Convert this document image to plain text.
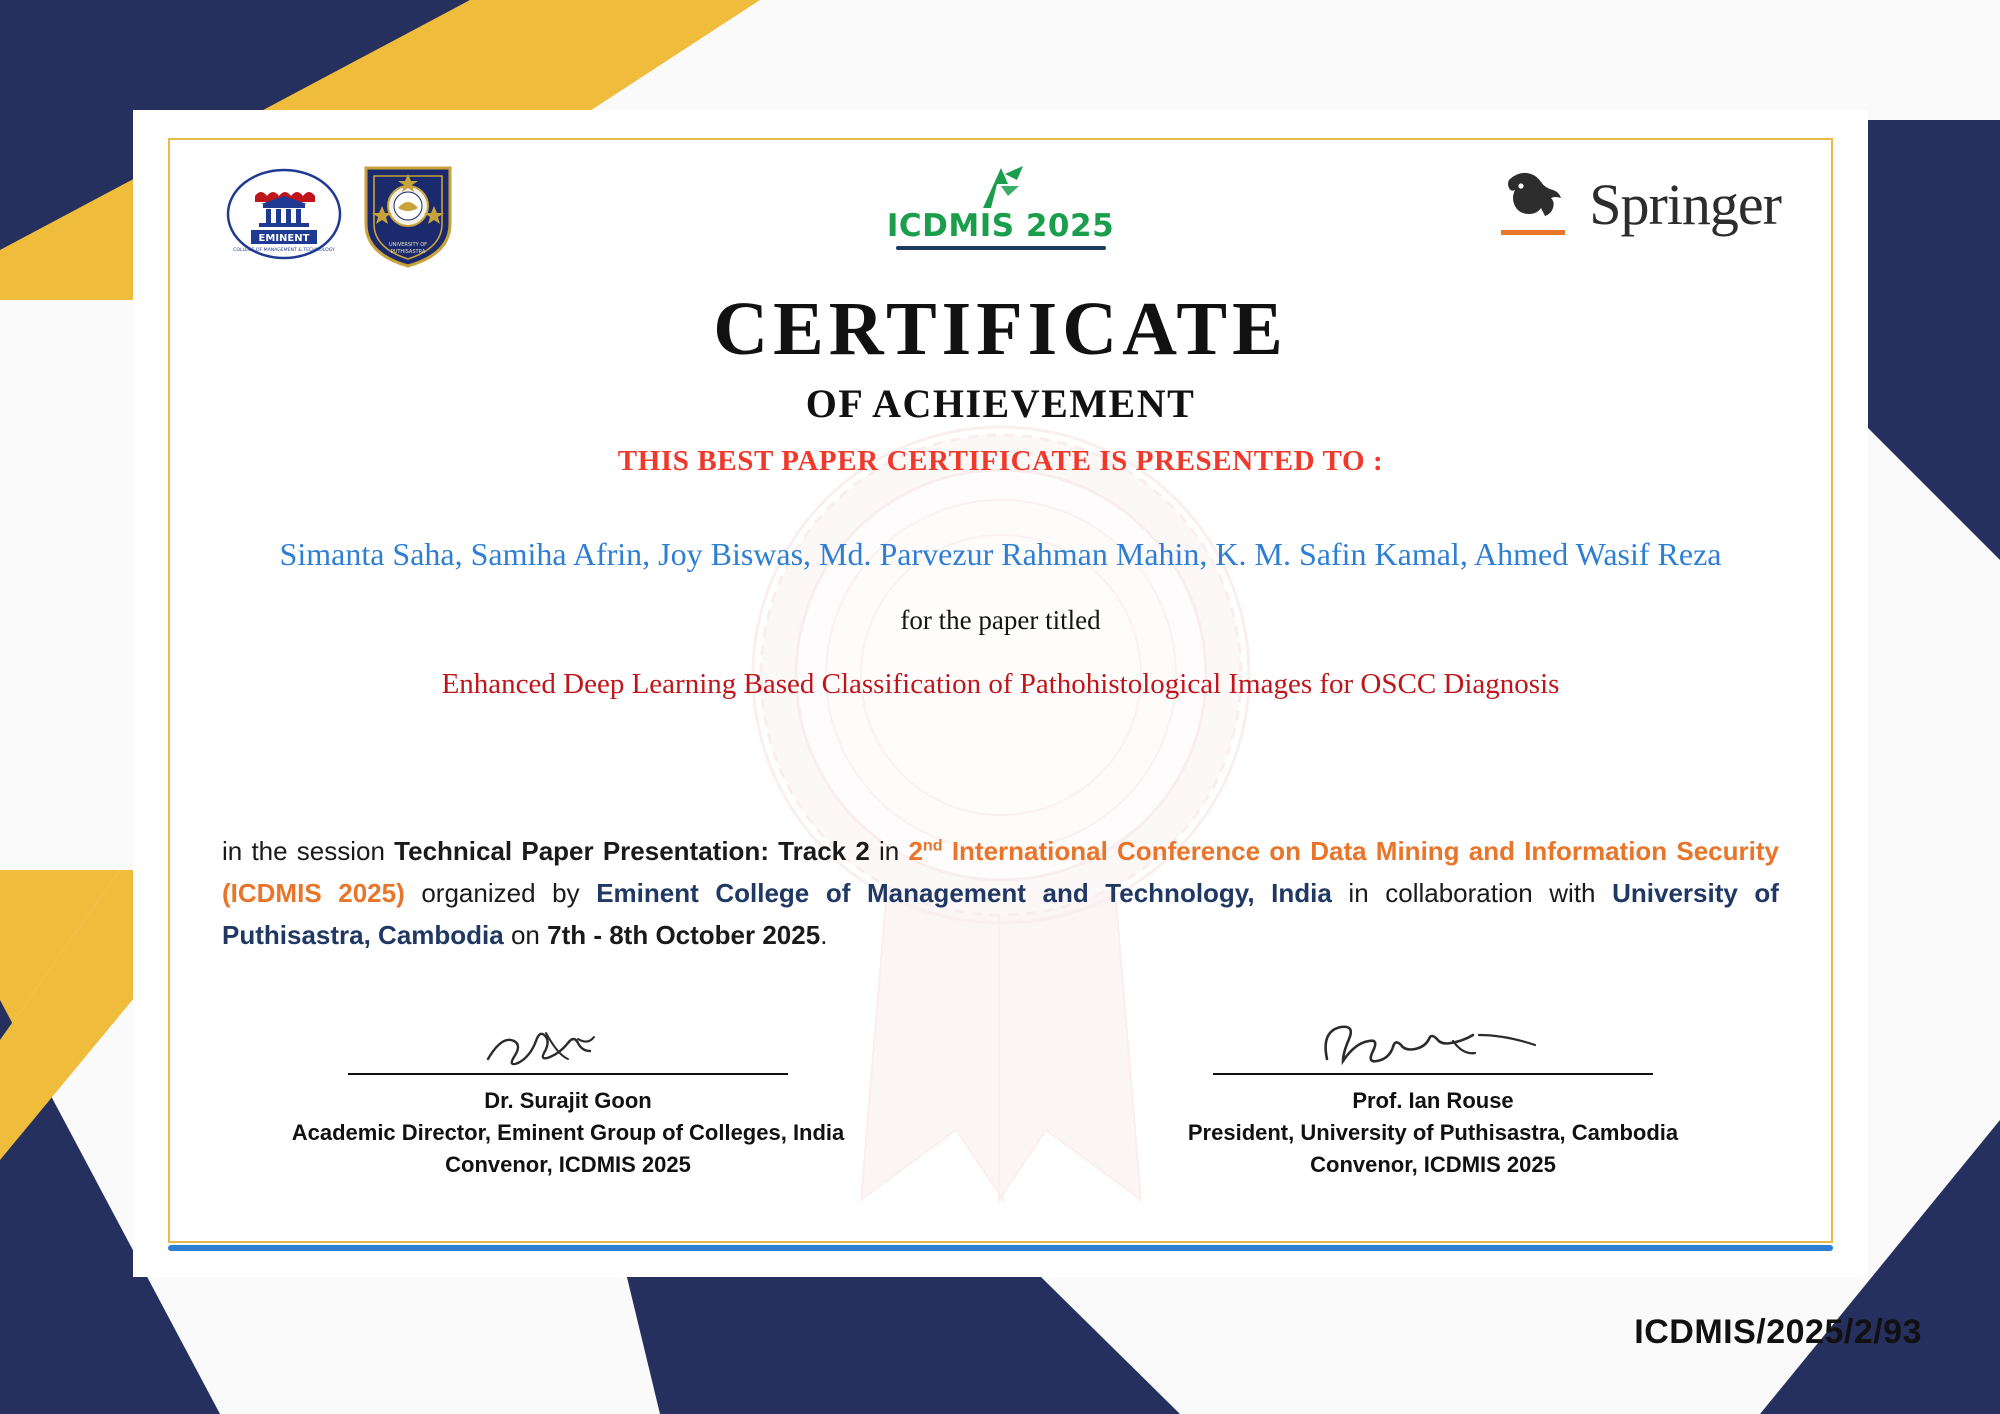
EMINENT
COLLEGE OF MANAGEMENT & TECHNOLOGY
UNIVERSITY OF
PUTHISASTRA
ICDMIS 2025	Springer
CERTIFICATE
OF ACHIEVEMENT
THIS BEST PAPER CERTIFICATE IS PRESENTED TO :
Simanta Saha, Samiha Afrin, Joy Biswas, Md. Parvezur Rahman Mahin, K. M. Safin Kamal, Ahmed Wasif Reza
for the paper titled
Enhanced Deep Learning Based Classification of Pathohistological Images for OSCC Diagnosis
in the session Technical Paper Presentation: Track 2 in 2nd International Conference on Data Mining and Information Security (ICDMIS 2025) organized by Eminent College of Management and Technology, India in collaboration with University of Puthisastra, Cambodia on 7th - 8th October 2025.
Dr. Surajit Goon
Academic Director, Eminent Group of Colleges, India
Convenor, ICDMIS 2025
Prof. Ian Rouse
President, University of Puthisastra, Cambodia
Convenor, ICDMIS 2025
ICDMIS/2025/2/93
